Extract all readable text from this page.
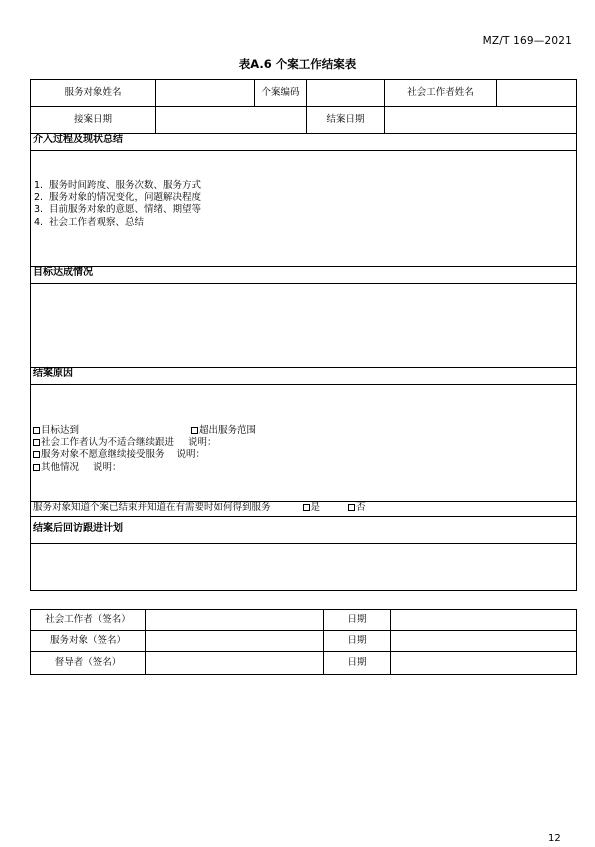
MZ/T 169—2021
表A.6 个案工作结案表
服务对象姓名		个案编码		社会工作者姓名	
接案日期			结案日期		
介入过程及现状总结

1. 服务时间跨度、服务次数、服务方式
2. 服务对象的情况变化，问题解决程度
3. 目前服务对象的意愿、情绪、期望等
4. 社会工作者观察、总结

目标达成情况

结案原因

目标达到	超出服务范围
社会工作者认为不适合继续跟进 说明：
服务对象不愿意继续接受服务 说明：
其他情况 说明：

服务对象知道个案已结束并知道在有需要时如何得到服务	是	否
结案后回访跟进计划

社会工作者（签名）		日期	
服务对象（签名）		日期	
督导者（签名）		日期	
12
